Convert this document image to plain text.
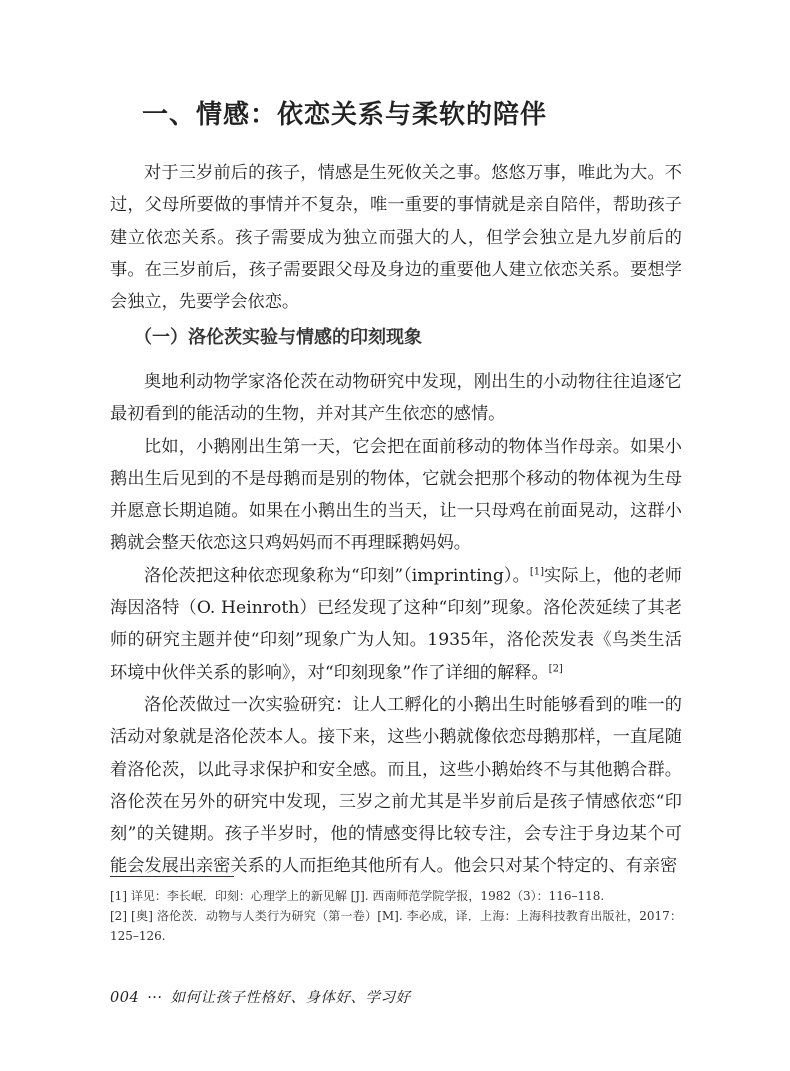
一、情感：依恋关系与柔软的陪伴

对于三岁前后的孩子，情感是生死攸关之事。悠悠万事，唯此为大。不过，父母所要做的事情并不复杂，唯一重要的事情就是亲自陪伴，帮助孩子建立依恋关系。孩子需要成为独立而强大的人，但学会独立是九岁前后的事。在三岁前后，孩子需要跟父母及身边的重要他人建立依恋关系。要想学会独立，先要学会依恋。

（一）洛伦茨实验与情感的印刻现象

奥地利动物学家洛伦茨在动物研究中发现，刚出生的小动物往往追逐它最初看到的能活动的生物，并对其产生依恋的感情。

比如，小鹅刚出生第一天，它会把在面前移动的物体当作母亲。如果小鹅出生后见到的不是母鹅而是别的物体，它就会把那个移动的物体视为生母并愿意长期追随。如果在小鹅出生的当天，让一只母鸡在前面晃动，这群小鹅就会整天依恋这只鸡妈妈而不再理睬鹅妈妈。

洛伦茨把这种依恋现象称为“印刻”（imprinting）。[1]实际上，他的老师海因洛特（O. Heinroth）已经发现了这种“印刻”现象。洛伦茨延续了其老师的研究主题并使“印刻”现象广为人知。1935年，洛伦茨发表《鸟类生活环境中伙伴关系的影响》，对“印刻现象”作了详细的解释。[2]

洛伦茨做过一次实验研究：让人工孵化的小鹅出生时能够看到的唯一的活动对象就是洛伦茨本人。接下来，这些小鹅就像依恋母鹅那样，一直尾随着洛伦茨，以此寻求保护和安全感。而且，这些小鹅始终不与其他鹅合群。洛伦茨在另外的研究中发现，三岁之前尤其是半岁前后是孩子情感依恋“印刻”的关键期。孩子半岁时，他的情感变得比较专注，会专注于身边某个可能会发展出亲密关系的人而拒绝其他所有人。他会只对某个特定的、有亲密

[1] 详见：李长岷．印刻：心理学上的新见解 [J]. 西南师范学院学报，1982（3）：116–118.

[2] [奥] 洛伦茨．动物与人类行为研究（第一卷）[M]. 李必成，译．上海：上海科技教育出版社，2017：125–126.

004 ··· 如何让孩子性格好、身体好、学习好
